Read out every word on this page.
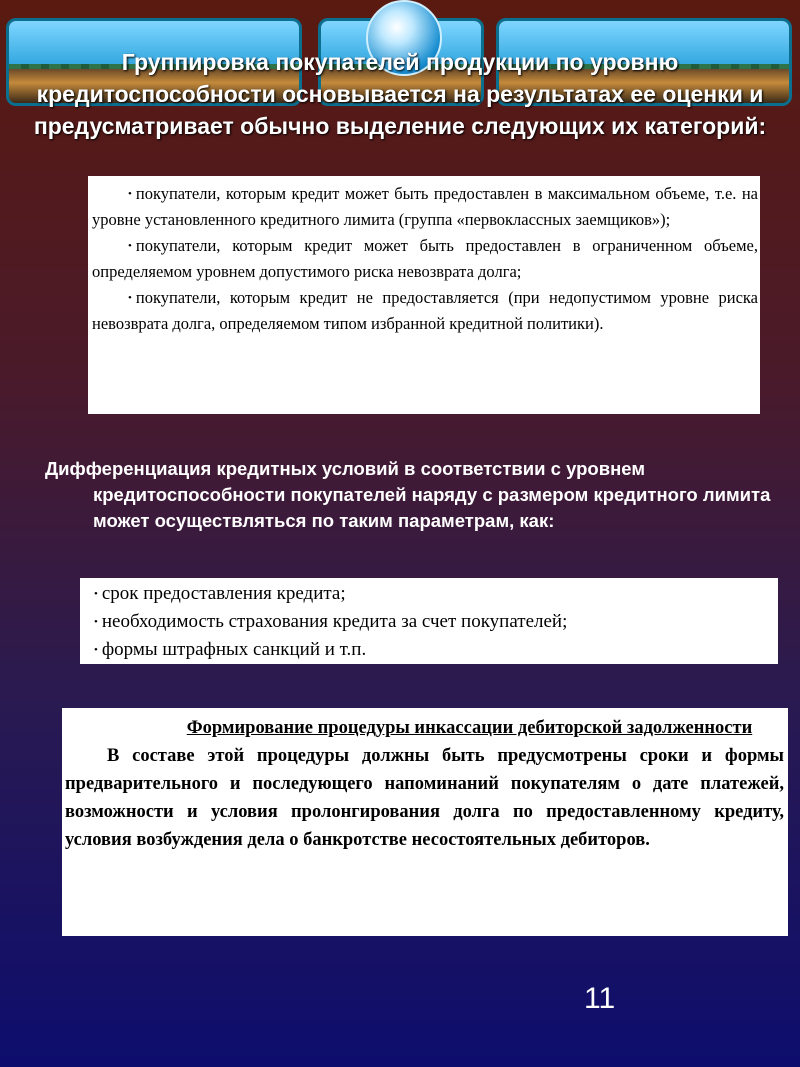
Группировка покупателей продукции по уровню кредитоспособности основывается на результатах ее оценки и предусматривает обычно выделение следующих их категорий:

• покупатели, которым кредит может быть предоставлен в максимальном объеме, т.е. на уровне установленного кредитного лимита (группа «первоклассных заемщиков»);

• покупатели, которым кредит может быть предоставлен в ограниченном объеме, определяемом уровнем допустимого риска невозврата долга;

• покупатели, которым кредит не предоставляется (при недопустимом уровне риска невозврата долга, определяемом типом избранной кредитной политики).

Дифференциация кредитных условий в соответствии с уровнем кредитоспособности покупателей наряду с размером кредитного лимита может осуществляться по таким параметрам, как:

• срок предоставления кредита;

• необходимость страхования кредита за счет покупателей;

• формы штрафных санкций и т.п.

Формирование процедуры инкассации дебиторской задолженности

В составе этой процедуры должны быть предусмотрены сроки и формы предварительного и последующего напоминаний покупателям о дате платежей, возможности и условия пролонгирования долга по предоставленному кредиту, условия возбуждения дела о банкротстве несостоятельных дебиторов.

11
